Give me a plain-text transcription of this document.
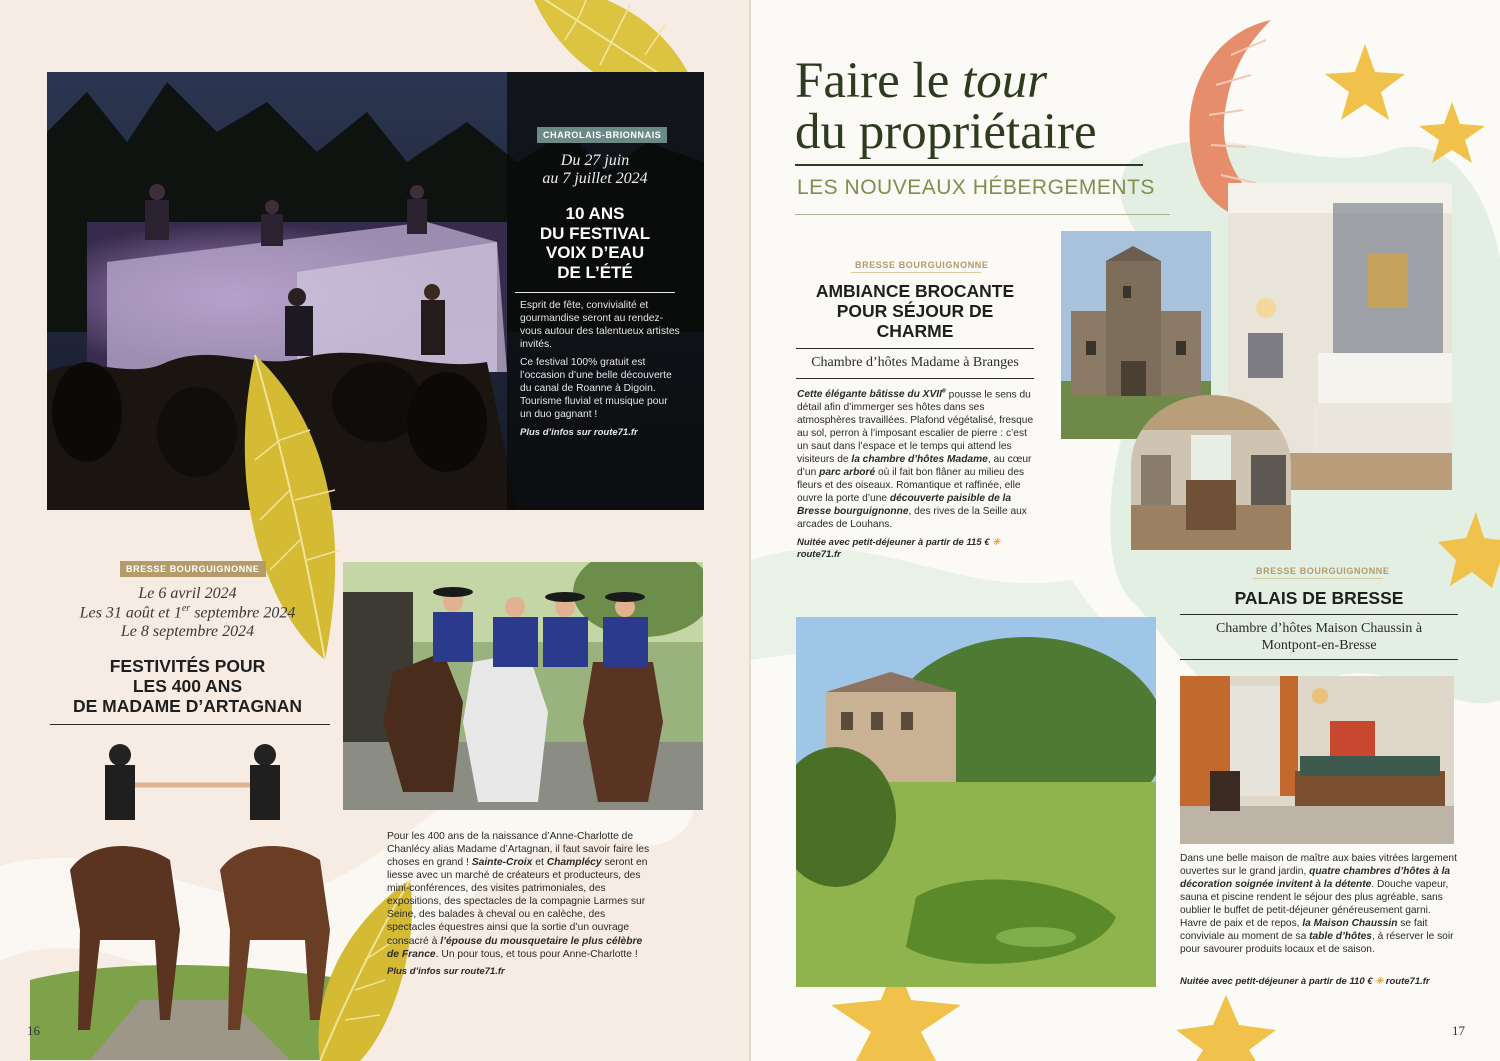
CHAROLAIS-BRIONNAIS
Du 27 juin
au 7 juillet 2024
10 ANS
DU FESTIVAL
VOIX D’EAU
DE L’ÉTÉ
Esprit de fête, convivialité et gourmandise seront au rendez-vous autour des talentueux artistes invités.
Ce festival 100% gratuit est l’occasion d’une belle découverte du canal de Roanne à Digoin. Tourisme fluvial et musique pour un duo gagnant !
Plus d’infos sur route71.fr
BRESSE BOURGUIGNONNE
Le 6 avril 2024
Les 31 août et 1er septembre 2024
Le 8 septembre 2024
FESTIVITÉS POUR
LES 400 ANS
DE MADAME D’ARTAGNAN
Pour les 400 ans de la naissance d’Anne-Charlotte de Chanlécy alias Madame d’Artagnan, il faut savoir faire les choses en grand ! Sainte-Croix et Champlécy seront en liesse avec un marché de créateurs et producteurs, des mini-conférences, des visites patrimoniales, des expositions, des spectacles de la compagnie Larmes sur Seine, des balades à cheval ou en calèche, des spectacles équestres ainsi que la sortie d’un ouvrage consacré à l’épouse du mousquetaire le plus célèbre de France. Un pour tous, et tous pour Anne-Charlotte !
Plus d’infos sur route71.fr
16
Faire le tour
du propriétaire
LES NOUVEAUX HÉBERGEMENTS
BRESSE BOURGUIGNONNE
AMBIANCE BROCANTE
POUR SÉJOUR DE
CHARME
Chambre d’hôtes Madame à Branges
Cette élégante bâtisse du XVIIe pousse le sens du détail afin d’immerger ses hôtes dans ses atmosphères travaillées. Plafond végétalisé, fresque au sol, perron à l’imposant escalier de pierre : c’est un saut dans l’espace et le temps qui attend les visiteurs de la chambre d’hôtes Madame, au cœur d’un parc arboré où il fait bon flâner au milieu des fleurs et des oiseaux. Romantique et raffinée, elle ouvre la porte d’une découverte paisible de la Bresse bourguignonne, des rives de la Seille aux arcades de Louhans.
Nuitée avec petit-déjeuner à partir de 115 € ✳
route71.fr
BRESSE BOURGUIGNONNE
PALAIS DE BRESSE
Chambre d’hôtes Maison Chaussin à
Montpont-en-Bresse
Dans une belle maison de maître aux baies vitrées largement ouvertes sur le grand jardin, quatre chambres d’hôtes à la décoration soignée invitent à la détente. Douche vapeur, sauna et piscine rendent le séjour des plus agréable, sans oublier le buffet de petit-déjeuner généreusement garni. Havre de paix et de repos, la Maison Chaussin se fait conviviale au moment de sa table d’hôtes, à réserver le soir pour savourer produits locaux et de saison.
Nuitée avec petit-déjeuner à partir de 110 € ✳ route71.fr
17
